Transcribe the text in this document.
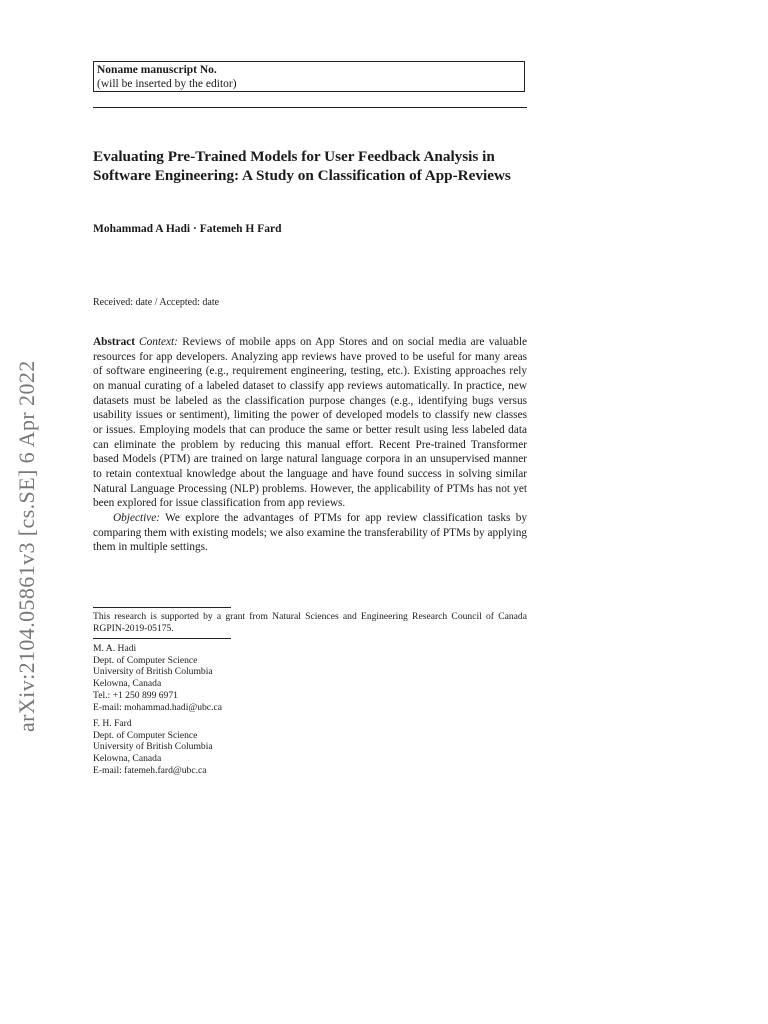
arXiv:2104.05861v3 [cs.SE] 6 Apr 2022
Noname manuscript No.
(will be inserted by the editor)
Evaluating Pre-Trained Models for User Feedback Analysis in Software Engineering: A Study on Classification of App-Reviews
Mohammad A Hadi · Fatemeh H Fard
Received: date / Accepted: date

Abstract Context: Reviews of mobile apps on App Stores and on social media are valuable resources for app developers. Analyzing app reviews have proved to be useful for many areas of software engineering (e.g., requirement engineering, testing, etc.). Existing approaches rely on manual curating of a labeled dataset to classify app reviews automatically. In practice, new datasets must be labeled as the classification purpose changes (e.g., identifying bugs versus usability issues or sentiment), limiting the power of developed models to classify new classes or issues. Employing models that can produce the same or better result using less labeled data can eliminate the problem by reducing this manual effort. Recent Pre-trained Transformer based Models (PTM) are trained on large natural language corpora in an unsupervised manner to retain contextual knowledge about the language and have found success in solving similar Natural Language Processing (NLP) problems. However, the applicability of PTMs has not yet been explored for issue classification from app reviews.

Objective: We explore the advantages of PTMs for app review classification tasks by comparing them with existing models; we also examine the transferability of PTMs by applying them in multiple settings.

This research is supported by a grant from Natural Sciences and Engineering Research Council of Canada RGPIN-2019-05175.

M. A. Hadi
Dept. of Computer Science
University of British Columbia
Kelowna, Canada
Tel.: +1 250 899 6971
E-mail: mohammad.hadi@ubc.ca
F. H. Fard
Dept. of Computer Science
University of British Columbia
Kelowna, Canada
E-mail: fatemeh.fard@ubc.ca
